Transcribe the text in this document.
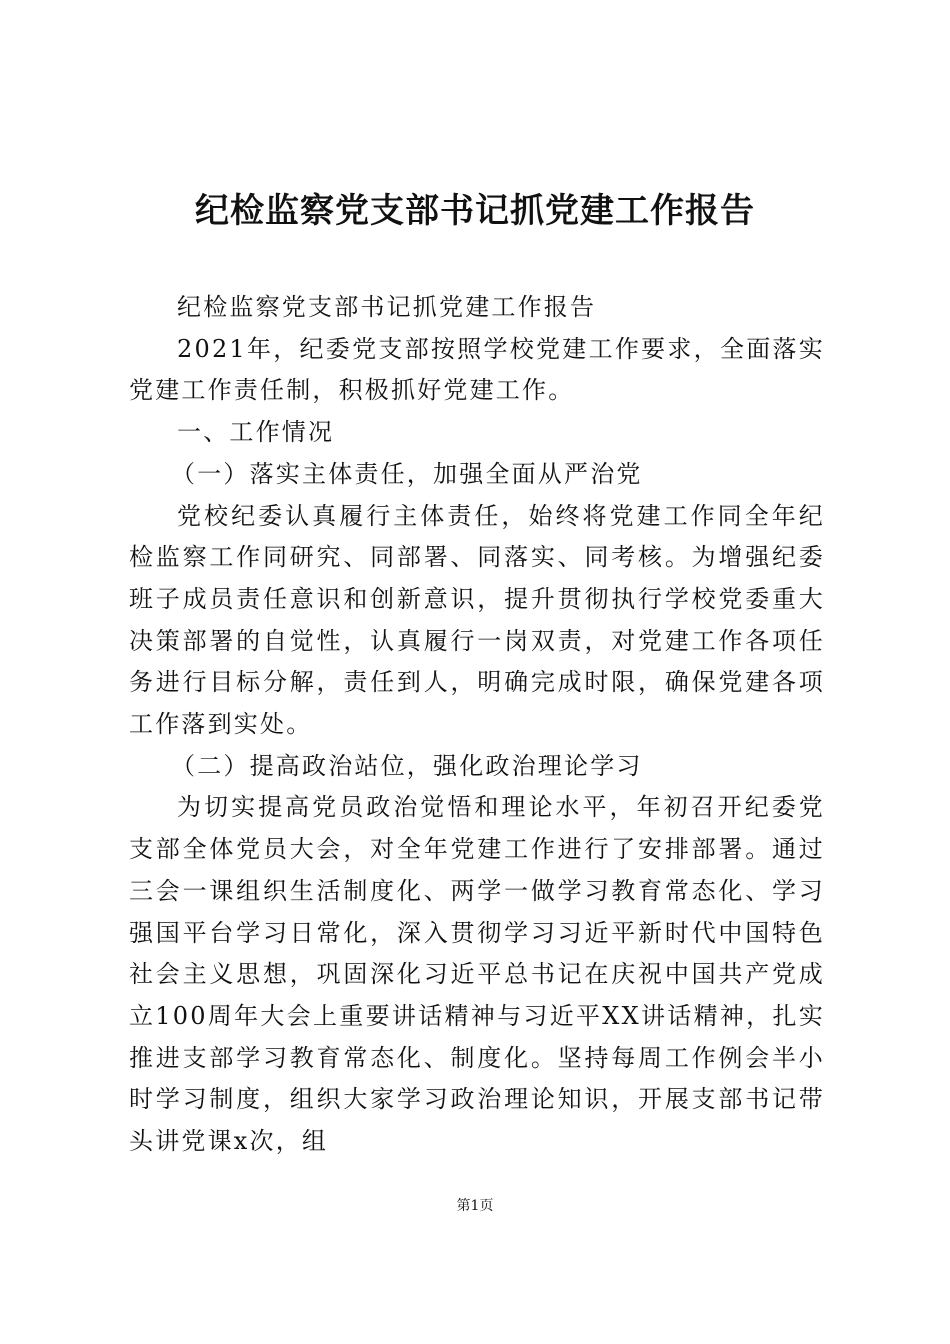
纪检监察党支部书记抓党建工作报告

纪检监察党支部书记抓党建工作报告

2021年，纪委党支部按照学校党建工作要求，全面落实党建工作责任制，积极抓好党建工作。

一、工作情况

（一）落实主体责任，加强全面从严治党

党校纪委认真履行主体责任，始终将党建工作同全年纪检监察工作同研究、同部署、同落实、同考核。为增强纪委班子成员责任意识和创新意识，提升贯彻执行学校党委重大决策部署的自觉性，认真履行一岗双责，对党建工作各项任务进行目标分解，责任到人，明确完成时限，确保党建各项工作落到实处。

（二）提高政治站位，强化政治理论学习

为切实提高党员政治觉悟和理论水平，年初召开纪委党支部全体党员大会，对全年党建工作进行了安排部署。通过三会一课组织生活制度化、两学一做学习教育常态化、学习强国平台学习日常化，深入贯彻学习习近平新时代中国特色社会主义思想，巩固深化习近平总书记在庆祝中国共产党成立100周年大会上重要讲话精神与习近平XX讲话精神，扎实推进支部学习教育常态化、制度化。坚持每周工作例会半小时学习制度，组织大家学习政治理论知识，开展支部书记带头讲党课x次，组

第1页
